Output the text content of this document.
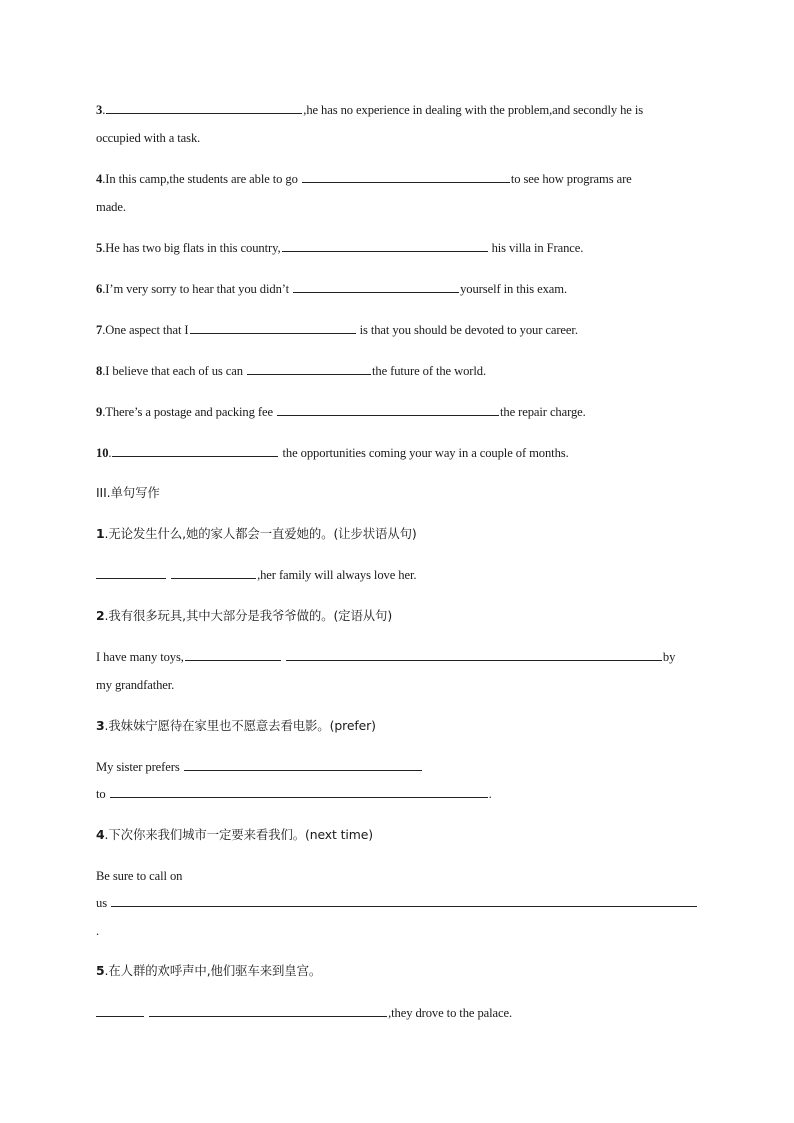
3.	,he has no experience in dealing with the problem,and secondly he is
occupied with a task.
4.In this camp,the students are able to go	to see how programs are
made.
5.He has two big flats in this country,	his villa in France.
6.I’m very sorry to hear that you didn’t	yourself in this exam.
7.One aspect that I	is that you should be devoted to your career.
8.I believe that each of us can	the future of the world.
9.There’s a postage and packing fee	the repair charge.
10.	the opportunities coming your way in a couple of months.
III.单句写作
1.无论发生什么,她的家人都会一直爱她的。(让步状语从句)
,her family will always love her.
2.我有很多玩具,其中大部分是我爷爷做的。(定语从句)
I have many toys,	by
my grandfather.
3.我妹妹宁愿待在家里也不愿意去看电影。(prefer)
My sister prefers
to	.
4.下次你来我们城市一定要来看我们。(next time)
Be sure to call on
us
.
5.在人群的欢呼声中,他们驱车来到皇宫。
,they drove to the palace.
